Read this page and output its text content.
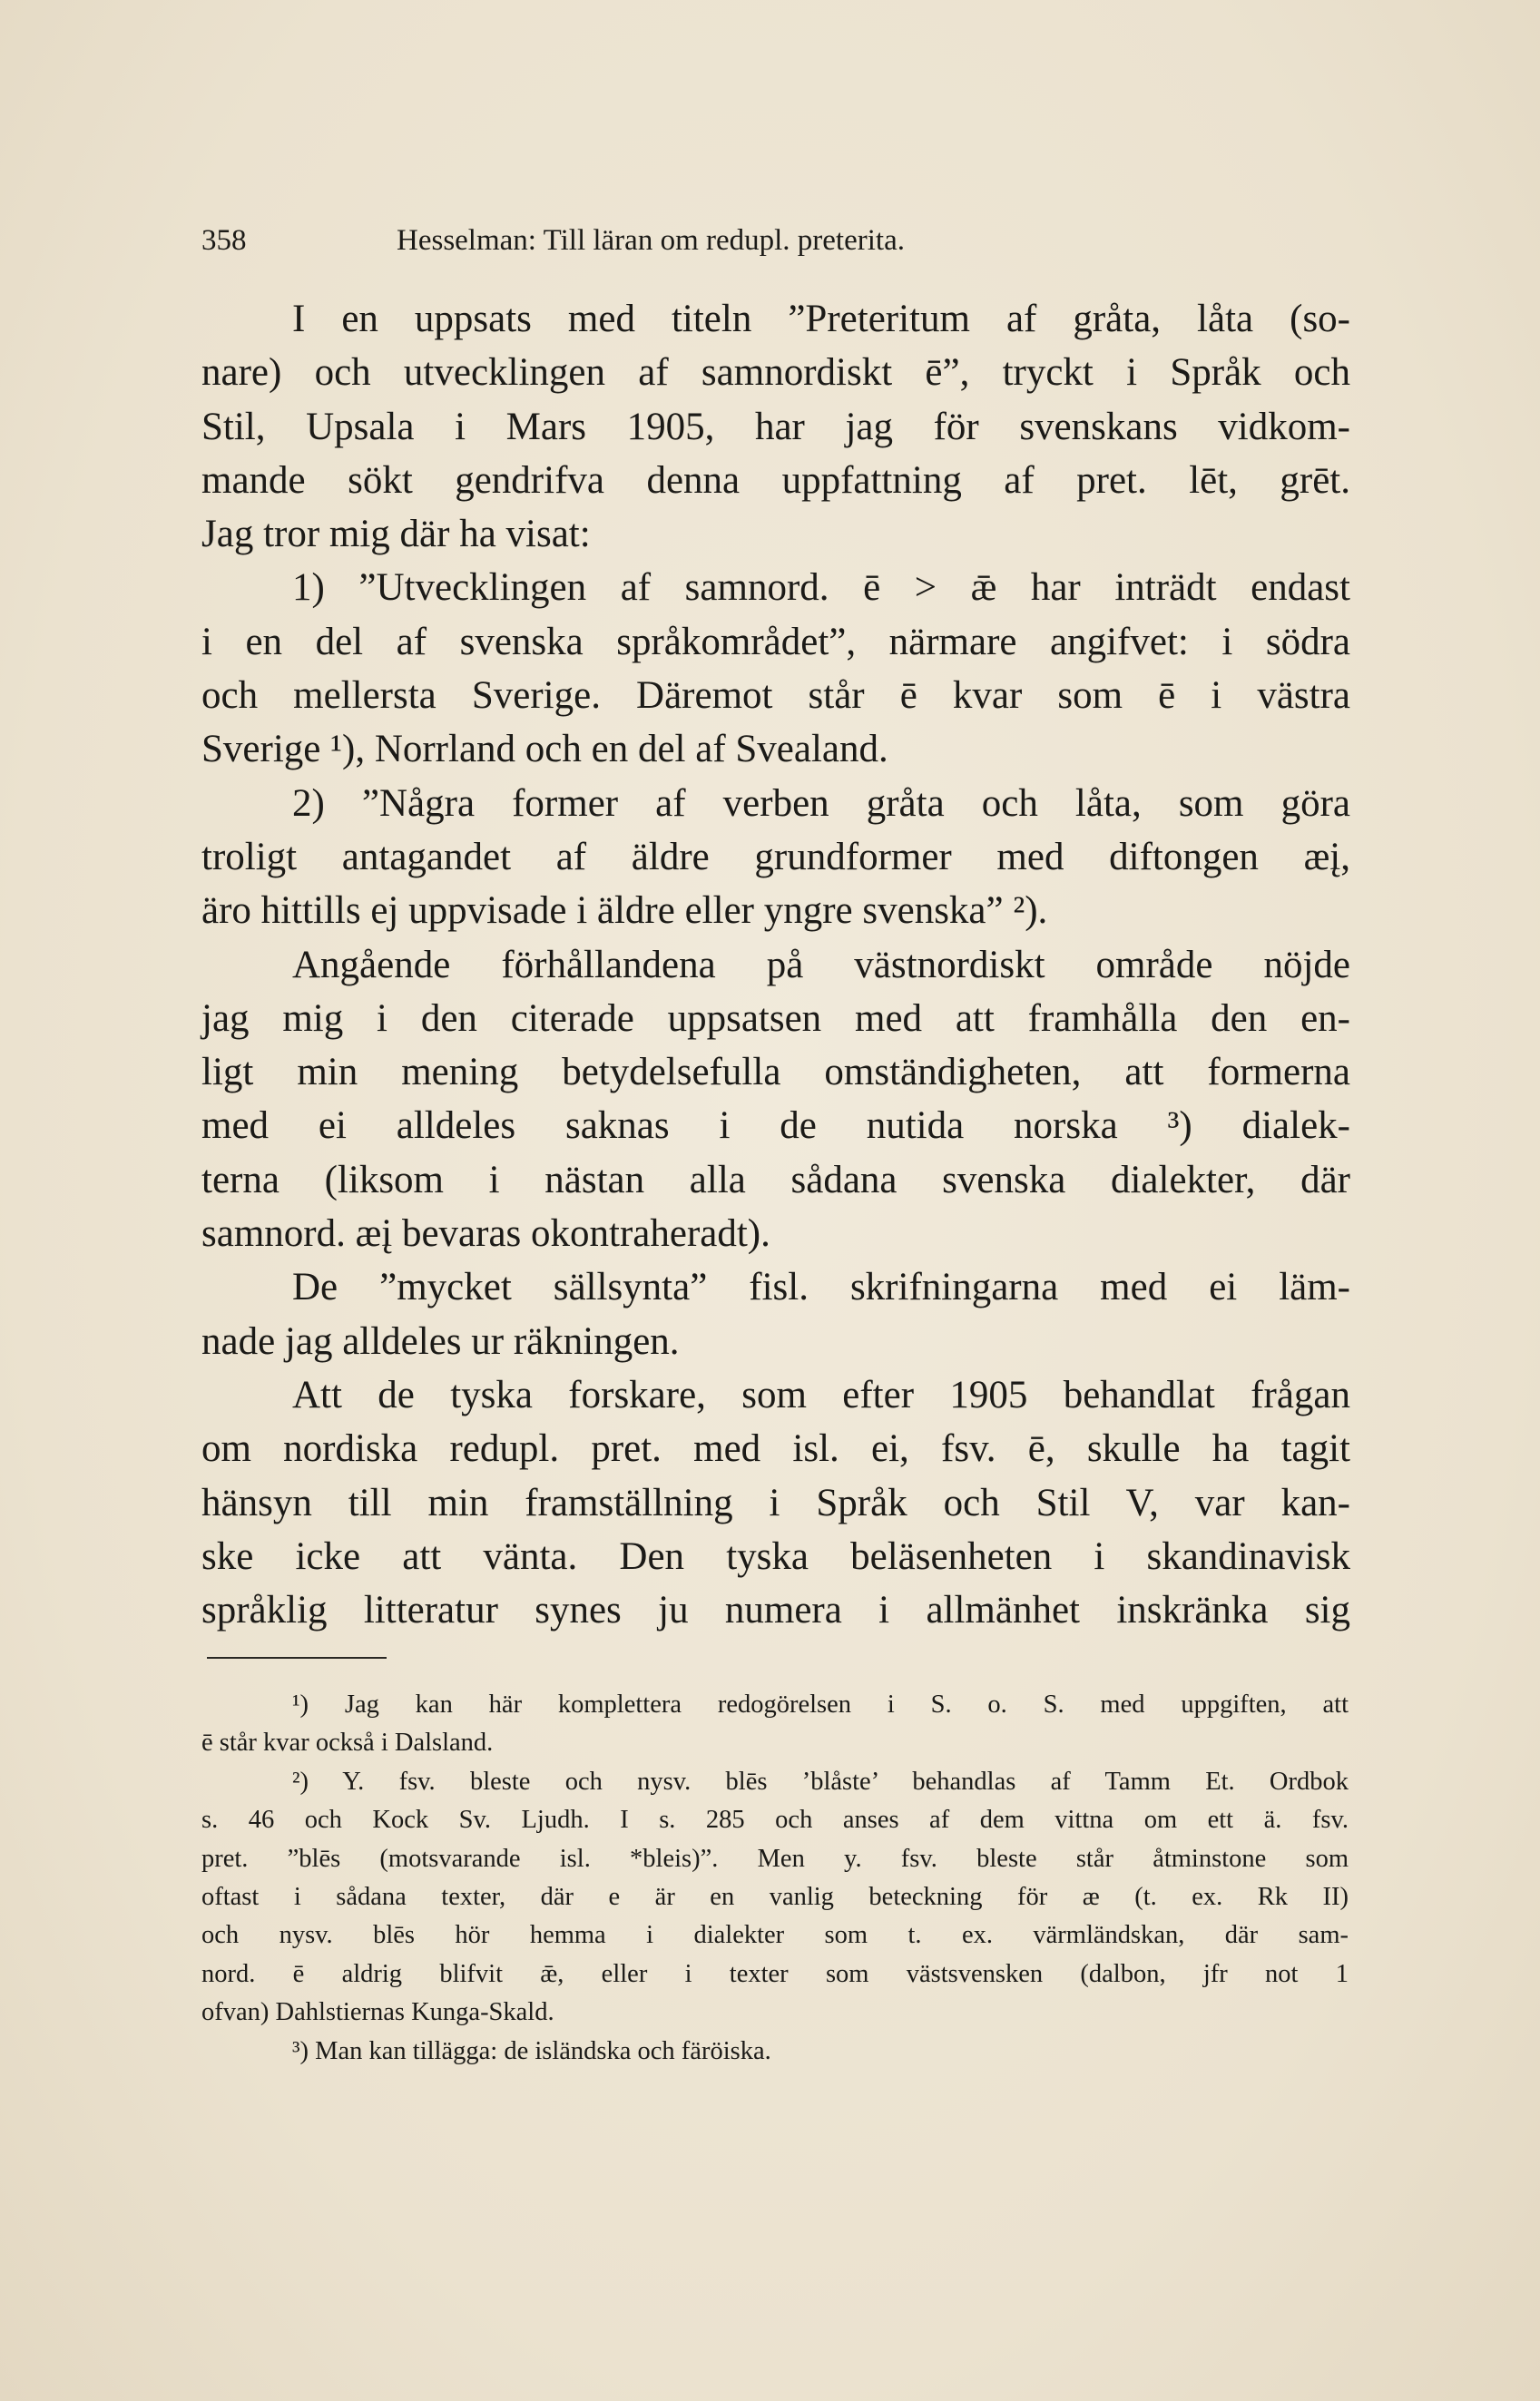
358	Hesselman: Till läran om redupl. preterita.
I en uppsats med titeln ”Preteritum af gråta, låta (so-
nare) och utvecklingen af samnordiskt ē”, tryckt i Språk och
Stil, Upsala i Mars 1905, har jag för svenskans vidkom-
mande sökt gendrifva denna uppfattning af pret. lēt, grēt.
Jag tror mig där ha visat:
1) ”Utvecklingen af samnord. ē > ǣ har inträdt endast
i en del af svenska språkområdet”, närmare angifvet: i södra
och mellersta Sverige. Däremot står ē kvar som ē i västra
Sverige ¹), Norrland och en del af Svealand.
2) ”Några former af verben gråta och låta, som göra
troligt antagandet af äldre grundformer med diftongen æį,
äro hittills ej uppvisade i äldre eller yngre svenska” ²).
Angående förhållandena på västnordiskt område nöjde
jag mig i den citerade uppsatsen med att framhålla den en-
ligt min mening betydelsefulla omständigheten, att formerna
med ei alldeles saknas i de nutida norska ³) dialek-
terna (liksom i nästan alla sådana svenska dialekter, där
samnord. æį bevaras okontraheradt).
De ”mycket sällsynta” fisl. skrifningarna med ei läm-
nade jag alldeles ur räkningen.
Att de tyska forskare, som efter 1905 behandlat frågan
om nordiska redupl. pret. med isl. ei, fsv. ē, skulle ha tagit
hänsyn till min framställning i Språk och Stil V, var kan-
ske icke att vänta. Den tyska beläsenheten i skandinavisk
språklig litteratur synes ju numera i allmänhet inskränka sig
¹) Jag kan här komplettera redogörelsen i S. o. S. med uppgiften, att
ē står kvar också i Dalsland.
²) Y. fsv. bleste och nysv. blēs ’blåste’ behandlas af Tamm Et. Ordbok
s. 46 och Kock Sv. Ljudh. I s. 285 och anses af dem vittna om ett ä. fsv.
pret. ”blēs (motsvarande isl. *bleis)”. Men y. fsv. bleste står åtminstone som
oftast i sådana texter, där e är en vanlig beteckning för æ (t. ex. Rk II)
och nysv. blēs hör hemma i dialekter som t. ex. värmländskan, där sam-
nord. ē aldrig blifvit ǣ, eller i texter som västsvensken (dalbon, jfr not 1
ofvan) Dahlstiernas Kunga-Skald.
³) Man kan tillägga: de isländska och färöiska.
